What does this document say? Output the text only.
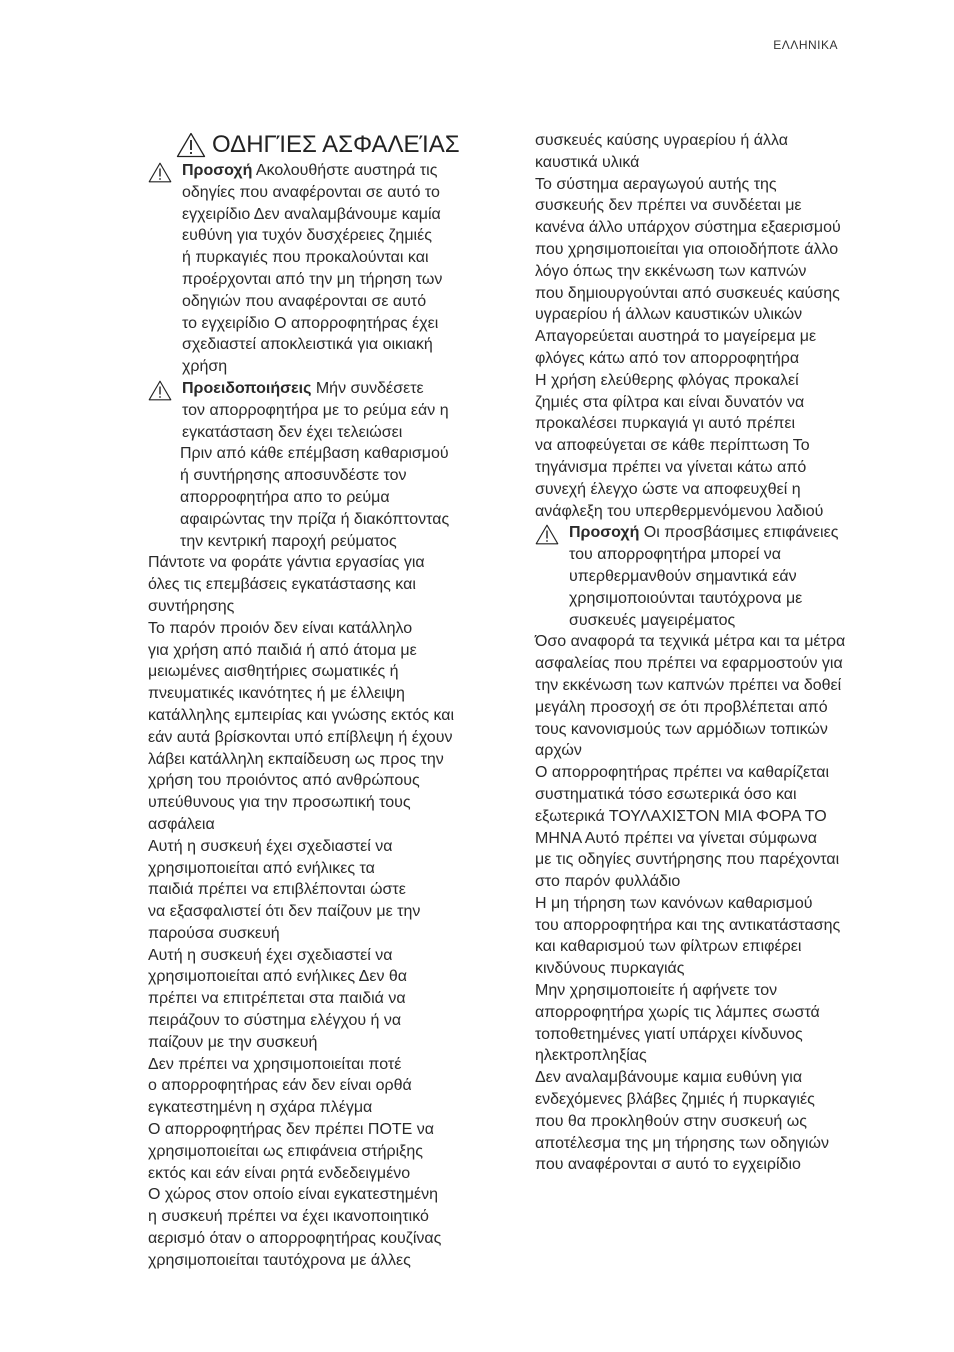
ΕΛΛΗΝΙΚΑ
ΟΔΗΓΊΕΣ ΑΣΦΑΛΕΊΑΣ
Προσοχή Ακολουθήστε αυστηρά τις
οδηγίες που αναφέρονται σε αυτό το
εγχειρίδιο Δεν αναλαμβάνουμε καμία
ευθύνη για τυχόν δυσχέρειες ζημιές
ή πυρκαγιές που προκαλούνται και
προέρχονται από την μη τήρηση των
οδηγιών που αναφέρονται σε αυτό
το εγχειρίδιο Ο απορροφητήρας έχει
σχεδιαστεί αποκλειστικά για οικιακή
χρήση
Προειδοποιήσεις Μήν συνδέσετε
τον απορροφητήρα με το ρεύμα εάν η
εγκατάσταση δεν έχει τελειώσει
Πριν από κάθε επέμβαση καθαρισμού
ή συντήρησης αποσυνδέστε τον
απορροφητήρα απο το ρεύμα
αφαιρώντας την πρίζα ή διακόπτοντας
την κεντρική παροχή ρεύματος
Πάντοτε να φοράτε γάντια εργασίας για
όλες τις επεμβάσεις εγκατάστασης και
συντήρησης
Το παρόν προιόν δεν είναι κατάλληλο
για χρήση από παιδιά ή από άτομα με
μειωμένες αισθητήριες σωματικές ή
πνευματικές ικανότητες ή με έλλειψη
κατάλληλης εμπειρίας και γνώσης εκτός και
εάν αυτά βρίσκονται υπό επίβλεψη ή έχουν
λάβει κατάλληλη εκπαίδευση ως προς την
χρήση του προιόντος από ανθρώπους
υπεύθυνους για την προσωπική τους
ασφάλεια
Αυτή η συσκευή έχει σχεδιαστεί να
χρησιμοποιείται από ενήλικες τα
παιδιά πρέπει να επιβλέπονται ώστε
να εξασφαλιστεί ότι δεν παίζουν με την
παρούσα συσκευή
Αυτή η συσκευή έχει σχεδιαστεί να
χρησιμοποιείται από ενήλικες Δεν θα
πρέπει να επιτρέπεται στα παιδιά να
πειράζουν το σύστημα ελέγχου ή να
παίζουν με την συσκευή
Δεν πρέπει να χρησιμοποιείται ποτέ
ο απορροφητήρας εάν δεν είναι ορθά
εγκατεστημένη η σχάρα πλέγμα
Ο απορροφητήρας δεν πρέπει ΠΟΤΕ να
χρησιμοποιείται ως επιφάνεια στήριξης
εκτός και εάν είναι ρητά ενδεδειγμένο
Ο χώρος στον οποίο είναι εγκατεστημένη
η συσκευή πρέπει να έχει ικανοποιητικό
αερισμό όταν ο απορροφητήρας κουζίνας
χρησιμοποιείται ταυτόχρονα με άλλες
συσκευές καύσης υγραερίου ή άλλα
καυστικά υλικά
Το σύστημα αεραγωγού αυτής της
συσκευής δεν πρέπει να συνδέεται με
κανένα άλλο υπάρχον σύστημα εξαερισμού
που χρησιμοποιείται για οποιοδήποτε άλλο
λόγο όπως την εκκένωση των καπνών
που δημιουργούνται από συσκευές καύσης
υγραερίου ή άλλων καυστικών υλικών
Απαγορεύεται αυστηρά το μαγείρεμα με
φλόγες κάτω από τον απορροφητήρα
Η χρήση ελεύθερης φλόγας προκαλεί
ζημιές στα φίλτρα και είναι δυνατόν να
προκαλέσει πυρκαγιά γι αυτό πρέπει
να αποφεύγεται σε κάθε περίπτωση Το
τηγάνισμα πρέπει να γίνεται κάτω από
συνεχή έλεγχο ώστε να αποφευχθεί η
ανάφλεξη του υπερθερμενόμενου λαδιού
Προσοχή Οι προσβάσιμες επιφάνειες
του απορροφητήρα μπορεί να
υπερθερμανθούν σημαντικά εάν
χρησιμοποιούνται ταυτόχρονα με
συσκευές μαγειρέματος
Όσο αναφορά τα τεχνικά μέτρα και τα μέτρα
ασφαλείας που πρέπει να εφαρμοστούν για
την εκκένωση των καπνών πρέπει να δοθεί
μεγάλη προσοχή σε ότι προβλέπεται από
τους κανονισμούς των αρμόδιων τοπικών
αρχών
Ο απορροφητήρας πρέπει να καθαρίζεται
συστηματικά τόσο εσωτερικά όσο και
εξωτερικά ΤΟΥΛΑΧΙΣΤΟΝ ΜΙΑ ΦΟΡΑ ΤΟ
ΜΗΝΑ Αυτό πρέπει να γίνεται σύμφωνα
με τις οδηγίες συντήρησης που παρέχονται
στο παρόν φυλλάδιο
Η μη τήρηση των κανόνων καθαρισμού
του απορροφητήρα και της αντικατάστασης
και καθαρισμού των φίλτρων επιφέρει
κινδύνους πυρκαγιάς
Μην χρησιμοποιείτε ή αφήνετε τον
απορροφητήρα χωρίς τις λάμπες σωστά
τοποθετημένες γιατί υπάρχει κίνδυνος
ηλεκτροπληξίας
Δεν αναλαμβάνουμε καμια ευθύνη για
ενδεχόμενες βλάβες ζημιές ή πυρκαγιές
που θα προκληθούν στην συσκευή ως
αποτέλεσμα της μη τήρησης των οδηγιών
που αναφέρονται σ αυτό το εγχειρίδιο
